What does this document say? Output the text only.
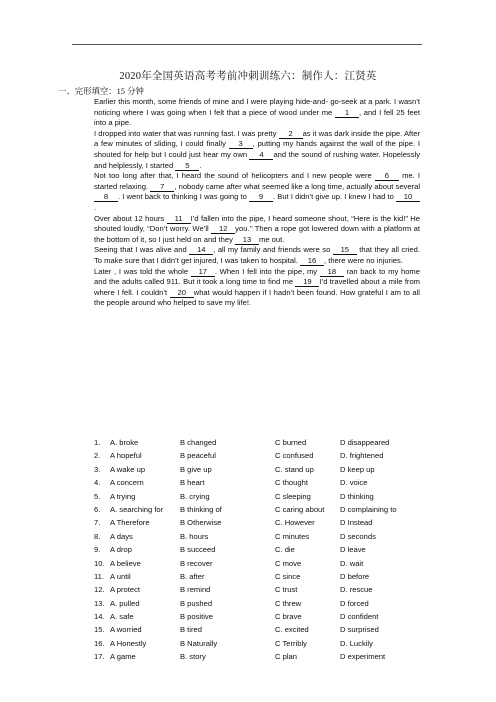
2020年全国英语高考考前冲刺训练六：制作人：江贤英
一、完形填空：15 分钟

Earlier this month, some friends of mine and I were playing hide-and- go-seek at a park. I wasn’t noticing where I was going when I felt that a piece of wood under me 1 , and I fell 25 feet into a pipe.

I dropped into water that was running fast. I was pretty 2 as it was dark inside the pipe. After a few minutes of sliding, I could finally 3 , putting my hands against the wall of the pipe. I shouted for help but I could just hear my own 4 and the sound of rushing water. Hopelessly and helplessly, I started 5 .

Not too long after that, I heard the sound of helicopters and I new people were 6 me. I started relaxing. 7 , nobody came after what seemed like a long time, actually about several 8 . I went back to thinking I was going to 9 . But I didn’t give up. I knew I had to 10.

Over about 12 hours 11 I’d fallen into the pipe, I heard someone shout, “Here is the kid!” He shouted loudly, “Don’t worry. We’ll 12 you.’’ Then a rope got lowered down with a platform at the bottom of it, so I just held on and they 13 me out.

Seeing that I was alive and 14 , all my family and friends were so 15 that they all cried. To make sure that I didn’t get injured, I was taken to hospital. 16 , there were no injuries.

Later , I was told the whole 17 . When I fell into the pipe, my 18 ran back to my home and the adults called 911. But it took a long time to find me 19 I’d travelled about a mile from where I fell. I couldn’t 20 what would happen if I hadn’t been found. How grateful I am to all the people around who helped to save my life!.

1.	A. broke	B changed	C burned	D disappeared
2.	A hopeful	B peaceful	C confused	D. frightened
3.	A wake up	B give up	C. stand up	D keep up
4.	A concern	B heart	C thought	D. voice
5.	A trying	B. crying	C sleeping	D thinking
6.	A. searching for B thinking of	C caring about D complaining to
7.	A Therefore	B Otherwise	C. However	D Instead
8.	A days	B. hours	C minutes	D seconds
9.	A drop	B succeed	C. die	D leave
10. A believe	B recover	C move	D. wait
11. A until	B. after	C since	D before
12. A protect	B remind	C trust	D. rescue
13. A. pulled	B pushed	C threw	D forced
14. A. safe	B positive	C brave	D confident
15. A worried	B tired	C. excited	D surprised
16. A Honestly	B Naturally	C Terribly	D. Luckily
17. A game	B. story	C plan	D experiment
